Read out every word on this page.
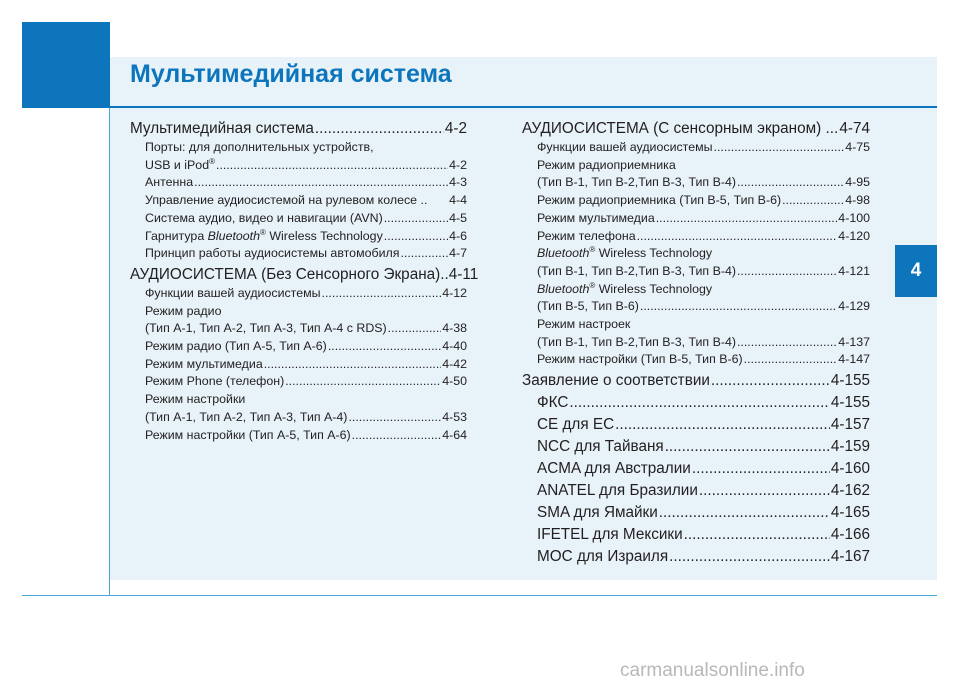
Мультимедийная система
4
Мультимедийная система .....	4-2
Порты: для дополнительных устройств,
USB и iPod® .....	4-2
Антенна .....	4-3
Управление аудиосистемой на рулевом колесе .. 4-4
Система аудио, видео и навигации (AVN) .....	4-5
Гарнитура Bluetooth® Wireless Technology .....	4-6
Принцип работы аудиосистемы автомобиля .....	4-7
АУДИОСИСТЕМА (Без Сенсорного Экрана).. 4-11
Функции вашей аудиосистемы .....	4-12
Режим радио
(Тип A-1, Тип A-2, Тип A-3, Тип A-4 с RDS) .....	4-38
Режим радио (Тип A-5, Тип A-6) .....	4-40
Режим мультимедиа .....	4-42
Режим Phone (телефон) .....	4-50
Режим настройки
(Тип A-1, Тип A-2, Тип A-3, Тип A-4) .....	4-53
Режим настройки (Тип A-5, Тип A-6) .....	4-64
АУДИОСИСТЕМА (С сенсорным экраном) ... 4-74
Функции вашей аудиосистемы .....	4-75
Режим радиоприемника
(Тип B-1, Тип B-2,Тип B-3, Тип B-4) .....	4-95
Режим радиоприемника (Тип B-5, Тип B-6) .....	4-98
Режим мультимедиа .....	4-100
Режим телефона .....	4-120
Bluetooth® Wireless Technology
(Тип B-1, Тип B-2,Тип B-3, Тип B-4) .....	4-121
Bluetooth® Wireless Technology
(Тип B-5, Тип B-6) .....	4-129
Режим настроек
(Тип B-1, Тип B-2,Тип B-3, Тип B-4) .....	4-137
Режим настройки (Тип B-5, Тип B-6) .....	4-147
Заявление о соответствии .....	4-155
ФКС .....	4-155
CE для ЕС .....	4-157
NCC для Тайваня .....	4-159
ACMA для Австралии .....	4-160
ANATEL для Бразилии .....	4-162
SMA для Ямайки .....	4-165
IFETEL для Мексики .....	4-166
MOC для Израиля .....	4-167
carmanualsonline.info
